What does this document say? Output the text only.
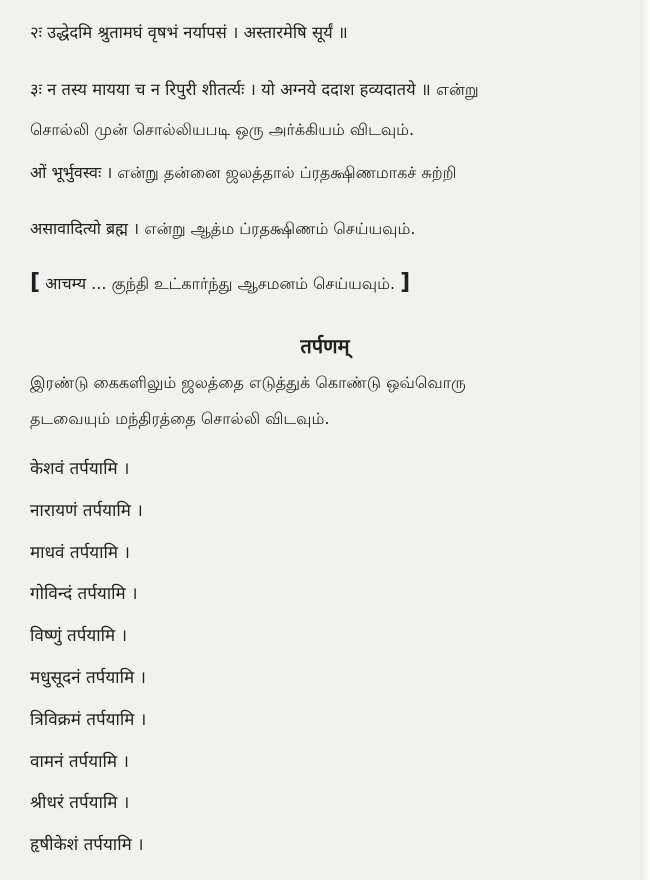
२ः उद्धेदमि श्रुतामघं वृषभं नर्यापसं । अस्तारमेषि सूर्यं ॥
३ः न तस्य मायया च न रिपुरी शीतर्त्यः । यो अग्नये ददाश हव्यदातये ॥ என்று
சொல்லி முன் சொல்லியபடி ஒரு அர்க்கியம் விடவும்.
ओं भूर्भुवस्वः । என்று தன்னை ஜலத்தால் ப்ரதக்ஷிணமாகச் சுற்றி
असावादित्यो ब्रह्म । என்று ஆத்ம ப்ரதக்ஷிணம் செய்யவும்.
[ आचम्य ... குந்தி உட்கார்ந்து ஆசமனம் செய்யவும். ]
तर्पणम्
இரண்டு கைகளிலும் ஜலத்தை எடுத்துக் கொண்டு ஒவ்வொரு
தடவையும் மந்திரத்தை சொல்லி விடவும்.
केशवं तर्पयामि ।
नारायणं तर्पयामि ।
माधवं तर्पयामि ।
गोविन्दं तर्पयामि ।
विष्णुं तर्पयामि ।
मधुसूदनं तर्पयामि ।
त्रिविक्रमं तर्पयामि ।
वामनं तर्पयामि ।
श्रीधरं तर्पयामि ।
हृषीकेशं तर्पयामि ।
